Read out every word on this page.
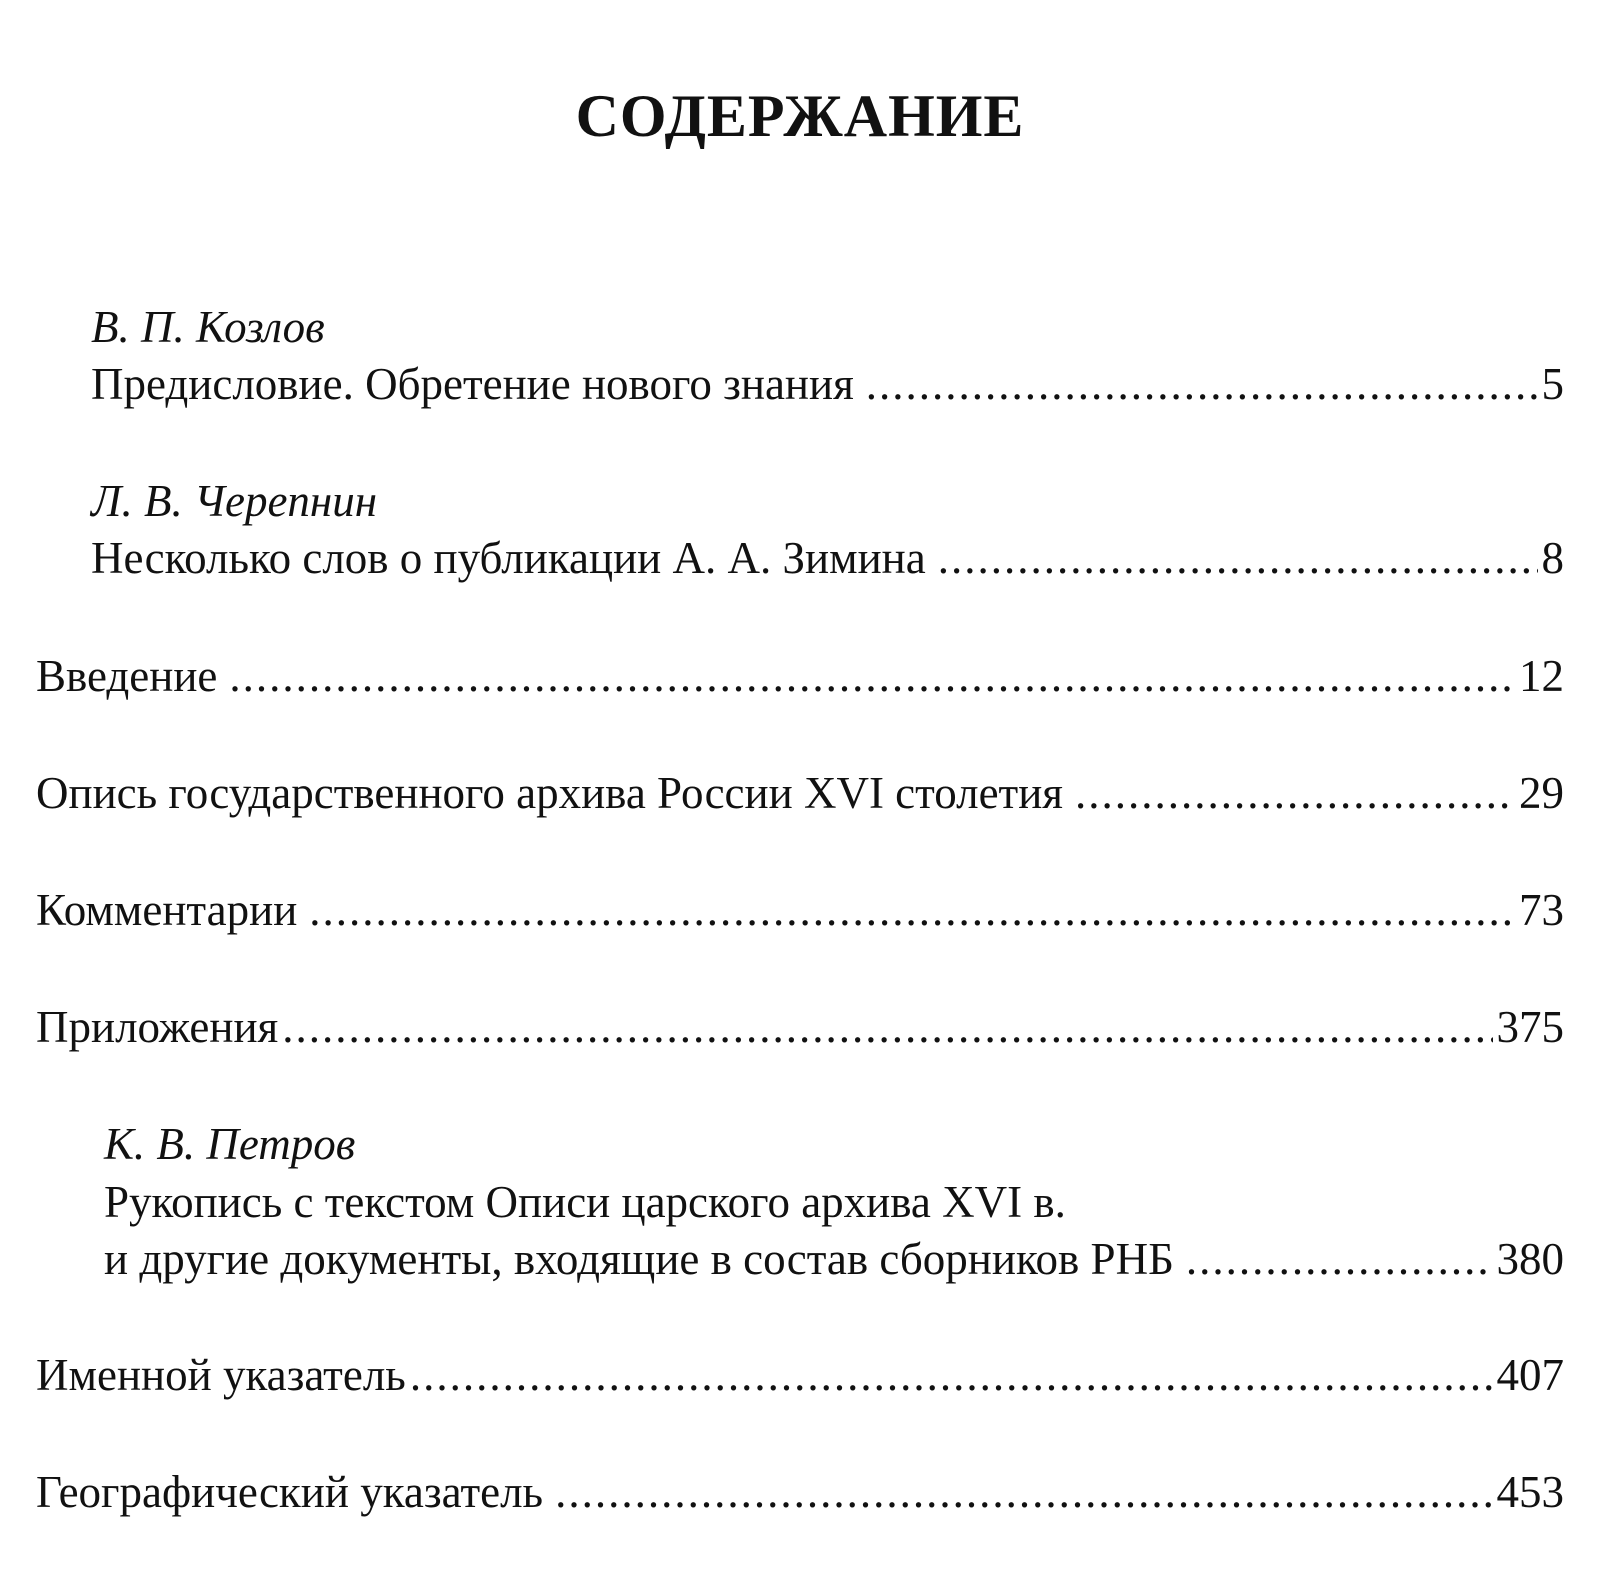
СОДЕРЖАНИЕ
В. П. Козлов
Предисловие. Обретение нового знания .....	5
Л. В. Черепнин
Несколько слов о публикации А. А. Зимина .....	8
Введение .....	12
Опись государственного архива России XVI столетия .....	29
Комментарии .....	73
Приложения .....	375
К. В. Петров
Рукопись с текстом Описи царского архива XVI в.
и другие документы, входящие в состав сборников РНБ .....	380
Именной указатель .....	407
Географический указатель .....	453
